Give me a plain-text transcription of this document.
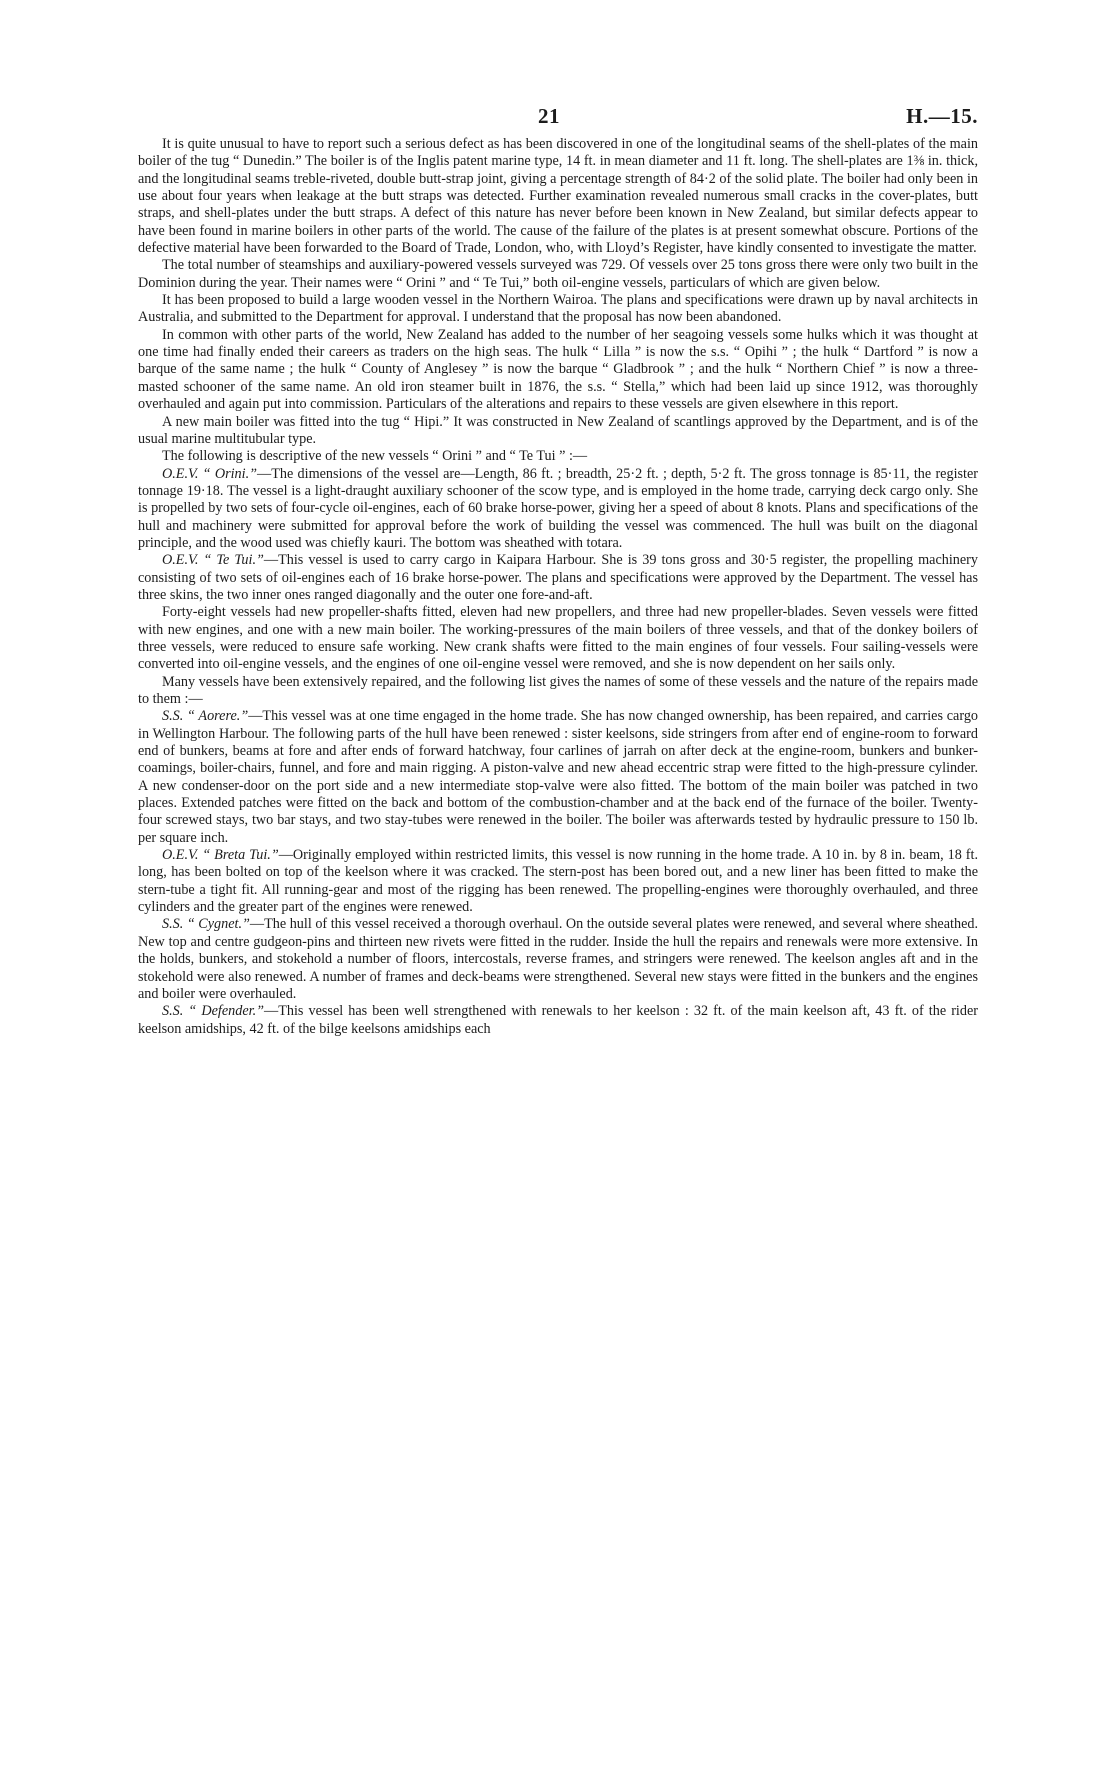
21	H.—15.

It is quite unusual to have to report such a serious defect as has been discovered in one of the longitudinal seams of the shell-plates of the main boiler of the tug “ Dunedin.” The boiler is of the Inglis patent marine type, 14 ft. in mean diameter and 11 ft. long. The shell-plates are 1⅜ in. thick, and the longitudinal seams treble-riveted, double butt-strap joint, giving a percentage strength of 84·2 of the solid plate. The boiler had only been in use about four years when leakage at the butt straps was detected. Further examination revealed numerous small cracks in the cover-plates, butt straps, and shell-plates under the butt straps. A defect of this nature has never before been known in New Zealand, but similar defects appear to have been found in marine boilers in other parts of the world. The cause of the failure of the plates is at present somewhat obscure. Portions of the defective material have been forwarded to the Board of Trade, London, who, with Lloyd’s Register, have kindly consented to investigate the matter.

The total number of steamships and auxiliary-powered vessels surveyed was 729. Of vessels over 25 tons gross there were only two built in the Dominion during the year. Their names were “ Orini ” and “ Te Tui,” both oil-engine vessels, particulars of which are given below.

It has been proposed to build a large wooden vessel in the Northern Wairoa. The plans and specifications were drawn up by naval architects in Australia, and submitted to the Department for approval. I understand that the proposal has now been abandoned.

In common with other parts of the world, New Zealand has added to the number of her seagoing vessels some hulks which it was thought at one time had finally ended their careers as traders on the high seas. The hulk “ Lilla ” is now the s.s. “ Opihi ” ; the hulk “ Dartford ” is now a barque of the same name ; the hulk “ County of Anglesey ” is now the barque “ Gladbrook ” ; and the hulk “ Northern Chief ” is now a three-masted schooner of the same name. An old iron steamer built in 1876, the s.s. “ Stella,” which had been laid up since 1912, was thoroughly overhauled and again put into commission. Particulars of the alterations and repairs to these vessels are given elsewhere in this report.

A new main boiler was fitted into the tug “ Hipi.” It was constructed in New Zealand of scantlings approved by the Department, and is of the usual marine multitubular type.

The following is descriptive of the new vessels “ Orini ” and “ Te Tui ” :—

O.E.V. “ Orini.”—The dimensions of the vessel are—Length, 86 ft. ; breadth, 25·2 ft. ; depth, 5·2 ft. The gross tonnage is 85·11, the register tonnage 19·18. The vessel is a light-draught auxiliary schooner of the scow type, and is employed in the home trade, carrying deck cargo only. She is propelled by two sets of four-cycle oil-engines, each of 60 brake horse-power, giving her a speed of about 8 knots. Plans and specifications of the hull and machinery were submitted for approval before the work of building the vessel was commenced. The hull was built on the diagonal principle, and the wood used was chiefly kauri. The bottom was sheathed with totara.

O.E.V. “ Te Tui.”—This vessel is used to carry cargo in Kaipara Harbour. She is 39 tons gross and 30·5 register, the propelling machinery consisting of two sets of oil-engines each of 16 brake horse-power. The plans and specifications were approved by the Department. The vessel has three skins, the two inner ones ranged diagonally and the outer one fore-and-aft.

Forty-eight vessels had new propeller-shafts fitted, eleven had new propellers, and three had new propeller-blades. Seven vessels were fitted with new engines, and one with a new main boiler. The working-pressures of the main boilers of three vessels, and that of the donkey boilers of three vessels, were reduced to ensure safe working. New crank shafts were fitted to the main engines of four vessels. Four sailing-vessels were converted into oil-engine vessels, and the engines of one oil-engine vessel were removed, and she is now dependent on her sails only.

Many vessels have been extensively repaired, and the following list gives the names of some of these vessels and the nature of the repairs made to them :—

S.S. “ Aorere.”—This vessel was at one time engaged in the home trade. She has now changed ownership, has been repaired, and carries cargo in Wellington Harbour. The following parts of the hull have been renewed : sister keelsons, side stringers from after end of engine-room to forward end of bunkers, beams at fore and after ends of forward hatchway, four carlines of jarrah on after deck at the engine-room, bunkers and bunker-coamings, boiler-chairs, funnel, and fore and main rigging. A piston-valve and new ahead eccentric strap were fitted to the high-pressure cylinder. A new condenser-door on the port side and a new intermediate stop-valve were also fitted. The bottom of the main boiler was patched in two places. Extended patches were fitted on the back and bottom of the combustion-chamber and at the back end of the furnace of the boiler. Twenty-four screwed stays, two bar stays, and two stay-tubes were renewed in the boiler. The boiler was afterwards tested by hydraulic pressure to 150 lb. per square inch.

O.E.V. “ Breta Tui.”—Originally employed within restricted limits, this vessel is now running in the home trade. A 10 in. by 8 in. beam, 18 ft. long, has been bolted on top of the keelson where it was cracked. The stern-post has been bored out, and a new liner has been fitted to make the stern-tube a tight fit. All running-gear and most of the rigging has been renewed. The propelling-engines were thoroughly overhauled, and three cylinders and the greater part of the engines were renewed.

S.S. “ Cygnet.”—The hull of this vessel received a thorough overhaul. On the outside several plates were renewed, and several where sheathed. New top and centre gudgeon-pins and thirteen new rivets were fitted in the rudder. Inside the hull the repairs and renewals were more extensive. In the holds, bunkers, and stokehold a number of floors, intercostals, reverse frames, and stringers were renewed. The keelson angles aft and in the stokehold were also renewed. A number of frames and deck-beams were strengthened. Several new stays were fitted in the bunkers and the engines and boiler were overhauled.

S.S. “ Defender.”—This vessel has been well strengthened with renewals to her keelson : 32 ft. of the main keelson aft, 43 ft. of the rider keelson amidships, 42 ft. of the bilge keelsons amidships each
